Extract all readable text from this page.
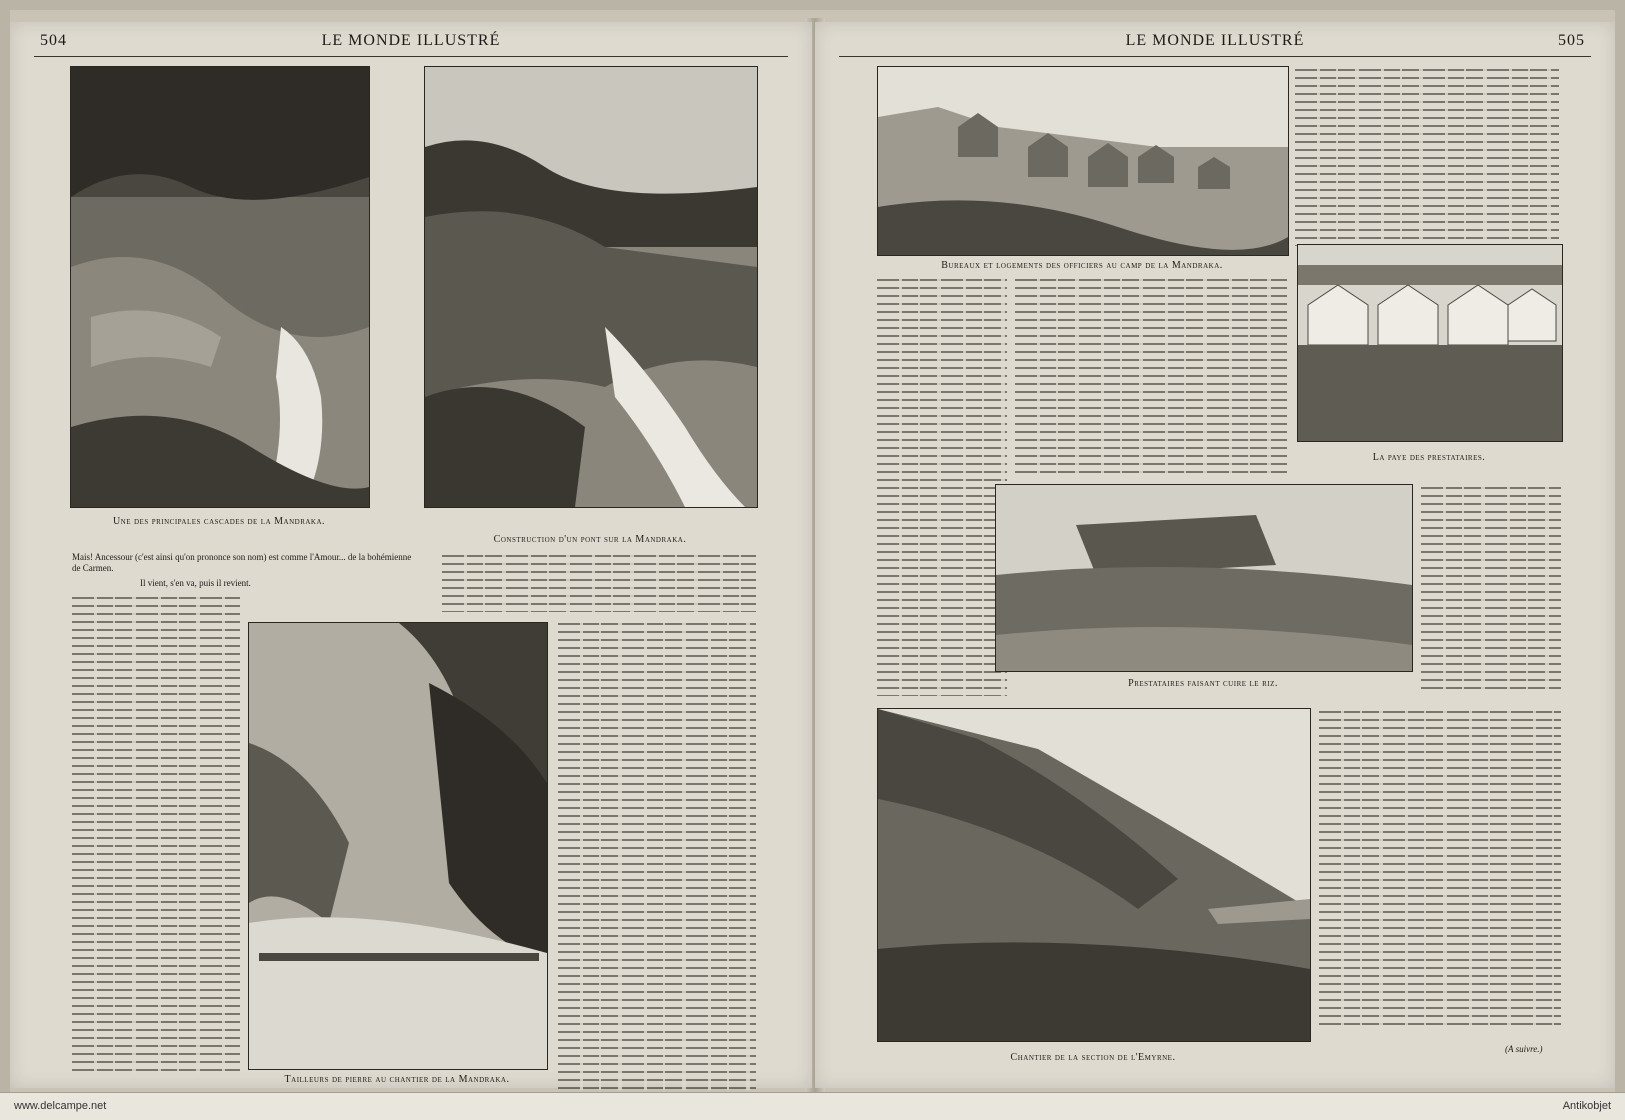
504	LE MONDE ILLUSTRÉ
Une des principales cascades de la Mandraka.
Construction d'un pont sur la Mandraka.
Mais! Ancessour (c'est ainsi qu'on prononce son nom) est comme l'Amour... de la bohémienne de Carmen.
Il vient, s'en va, puis il revient.
Tailleurs de pierre au chantier de la Mandraka.
LE MONDE ILLUSTRÉ	505
Bureaux et logements des officiers au camp de la Mandraka.
La paye des prestataires.
Prestataires faisant cuire le riz.
Chantier de la section de l'Emyrne.
(A suivre.)
www.delcampe.net	Antikobjet
